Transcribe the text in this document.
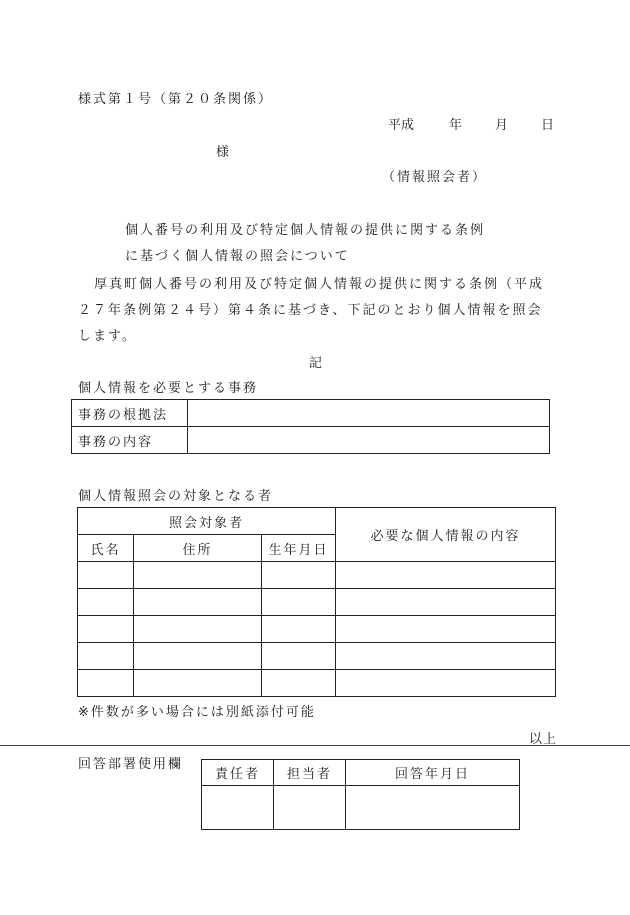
様式第１号（第２０条関係）
平成	年	月	日
様
（情報照会者）
個人番号の利用及び特定個人情報の提供に関する条例
に基づく個人情報の照会について
厚真町個人番号の利用及び特定個人情報の提供に関する条例（平成
２７年条例第２４号）第４条に基づき、下記のとおり個人情報を照会
します。
記
個人情報を必要とする事務
事務の根拠法	
事務の内容	
個人情報照会の対象となる者
照会対象者			必要な個人情報の内容
氏名	住所	生年月日	

※件数が多い場合には別紙添付可能
以上
回答部署使用欄
責任者	担当者	回答年月日
